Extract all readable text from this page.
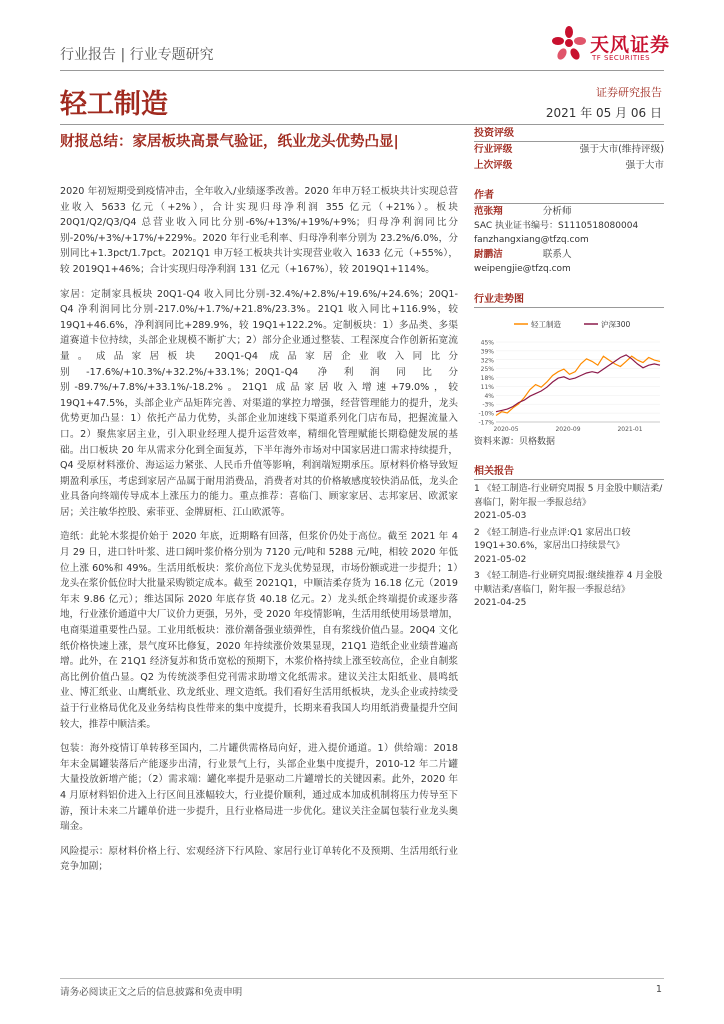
行业报告 | 行业专题研究	天风证券
TF SECURITIES
轻工制造	证券研究报告
2021 年 05 月 06 日
财报总结：家居板块高景气验证，纸业龙头优势凸显|

2020 年初短期受到疫情冲击，全年收入/业绩逐季改善。2020 年申万轻工板块共计实现总营业收入 5633 亿元（+2%），合计实现归母净利润 355 亿元（+21%）。板块 20Q1/Q2/Q3/Q4 总营业收入同比分别-6%/+13%/+19%/+9%；归母净利润同比分别-20%/+3%/+17%/+229%。2020 年行业毛利率、归母净利率分别为 23.2%/6.0%，分别同比+1.3pct/1.7pct。2021Q1 申万轻工板块共计实现营业收入 1633 亿元（+55%），较 2019Q1+46%；合计实现归母净利润 131 亿元（+167%），较 2019Q1+114%。

家居：定制家具板块 20Q1-Q4 收入同比分别-32.4%/+2.8%/+19.6%/+24.6%；20Q1-Q4 净利润同比分别-217.0%/+1.7%/+21.8%/23.3%。21Q1 收入同比+116.9%，较 19Q1+46.6%，净利润同比+289.9%，较 19Q1+122.2%。定制板块：1）多品类、多渠道赛道卡位持续，头部企业规模不断扩大；2）部分企业通过整装、工程深度合作创新拓宽流量。成品家居板块 20Q1-Q4 成品家居企业收入同比分别-17.6%/+10.3%/+32.2%/+33.1%；20Q1-Q4 净利润同比分别-89.7%/+7.8%/+33.1%/-18.2%。21Q1 成品家居收入增速+79.0%，较 19Q1+47.5%，头部企业产品矩阵完善、对渠道的掌控力增强，经营管理能力的提升，龙头优势更加凸显：1）依托产品力优势，头部企业加速线下渠道系列化门店布局，把握流量入口。2）聚焦家居主业，引入职业经理人提升运营效率，精细化管理赋能长期稳健发展的基础。出口板块 20 年从需求分化到全面复苏，下半年海外市场对中国家居进口需求持续提升，Q4 受原材料涨价、海运运力紧张、人民币升值等影响，利润端短期承压。原材料价格导致短期盈利承压，考虑到家居产品属于耐用消费品，消费者对其的价格敏感度较快消品低，龙头企业具备向终端传导成本上涨压力的能力。重点推荐：喜临门、顾家家居、志邦家居、欧派家居；关注敏华控股、索菲亚、金牌厨柜、江山欧派等。

造纸：此轮木浆提价始于 2020 年底，近期略有回落，但浆价仍处于高位。截至 2021 年 4 月 29 日，进口针叶浆、进口阔叶浆价格分别为 7120 元/吨和 5288 元/吨，相较 2020 年低位上涨 60%和 49%。生活用纸板块：浆价高位下龙头优势显现，市场份额或进一步提升；1）龙头在浆价低位时大批量采购锁定成本。截至 2021Q1，中顺洁柔存货为 16.18 亿元（2019 年末 9.86 亿元）；维达国际 2020 年底存货 40.18 亿元。2）龙头纸企终端提价或逐步落地，行业涨价通道中大厂议价力更强，另外，受 2020 年疫情影响，生活用纸使用场景增加，电商渠道重要性凸显。工业用纸板块：涨价潮备强业绩弹性，自有浆线价值凸显。20Q4 文化纸价格快速上涨，景气度环比修复，2020 年持续涨价效果显现，21Q1 造纸企业业绩普遍高增。此外，在 21Q1 经济复苏和货币宽松的预期下，木浆价格持续上涨至较高位，企业自制浆高比例价值凸显。Q2 为传统淡季但党刊需求助增文化纸需求。建议关注太阳纸业、晨鸣纸业、博汇纸业、山鹰纸业、玖龙纸业、理文造纸。我们看好生活用纸板块，龙头企业或持续受益于行业格局优化及业务结构良性带来的集中度提升，长期来看我国人均用纸消费量提升空间较大，推荐中顺洁柔。

包装：海外疫情订单转移至国内，二片罐供需格局向好，进入提价通道。1）供给端：2018 年末金属罐装落后产能逐步出清，行业景气上行，头部企业集中度提升，2010-12 年二片罐大量投放新增产能；（2）需求端：罐化率提升是驱动二片罐增长的关键因素。此外，2020 年 4 月原材料铝价进入上行区间且涨幅较大，行业提价顺利，通过成本加成机制将压力传导至下游，预计未来二片罐单价进一步提升，且行业格局进一步优化。建议关注金属包装行业龙头奥瑞金。

风险提示：原材料价格上行、宏观经济下行风险、家居行业订单转化不及预期、生活用纸行业竞争加剧；

投资评级
行业评级	强于大市(维持评级)
上次评级	强于大市
作者
范张翔	分析师
SAC 执业证书编号：S1110518080004
fanzhangxiang@tfzq.com
尉鹏洁	联系人
weipengjie@tfzq.com
行业走势图
轻工制造	沪深300
45%
39%
32%
25%
18%
11%
4%
-3%
-10%
-17%
2020-05	2020-09	2021-01
资料来源：贝格数据
相关报告
1 《轻工制造-行业研究周报 5 月金股中顺洁柔/喜临门，附年报一季报总结》
2021-05-03
2 《轻工制造-行业点评:Q1 家居出口较 19Q1+30.6%，家居出口持续景气》
2021-05-02
3 《轻工制造-行业研究周报:继续推荐 4 月金股中顺洁柔/喜临门，附年报一季报总结》
2021-04-25
请务必阅读正文之后的信息披露和免责申明	1
